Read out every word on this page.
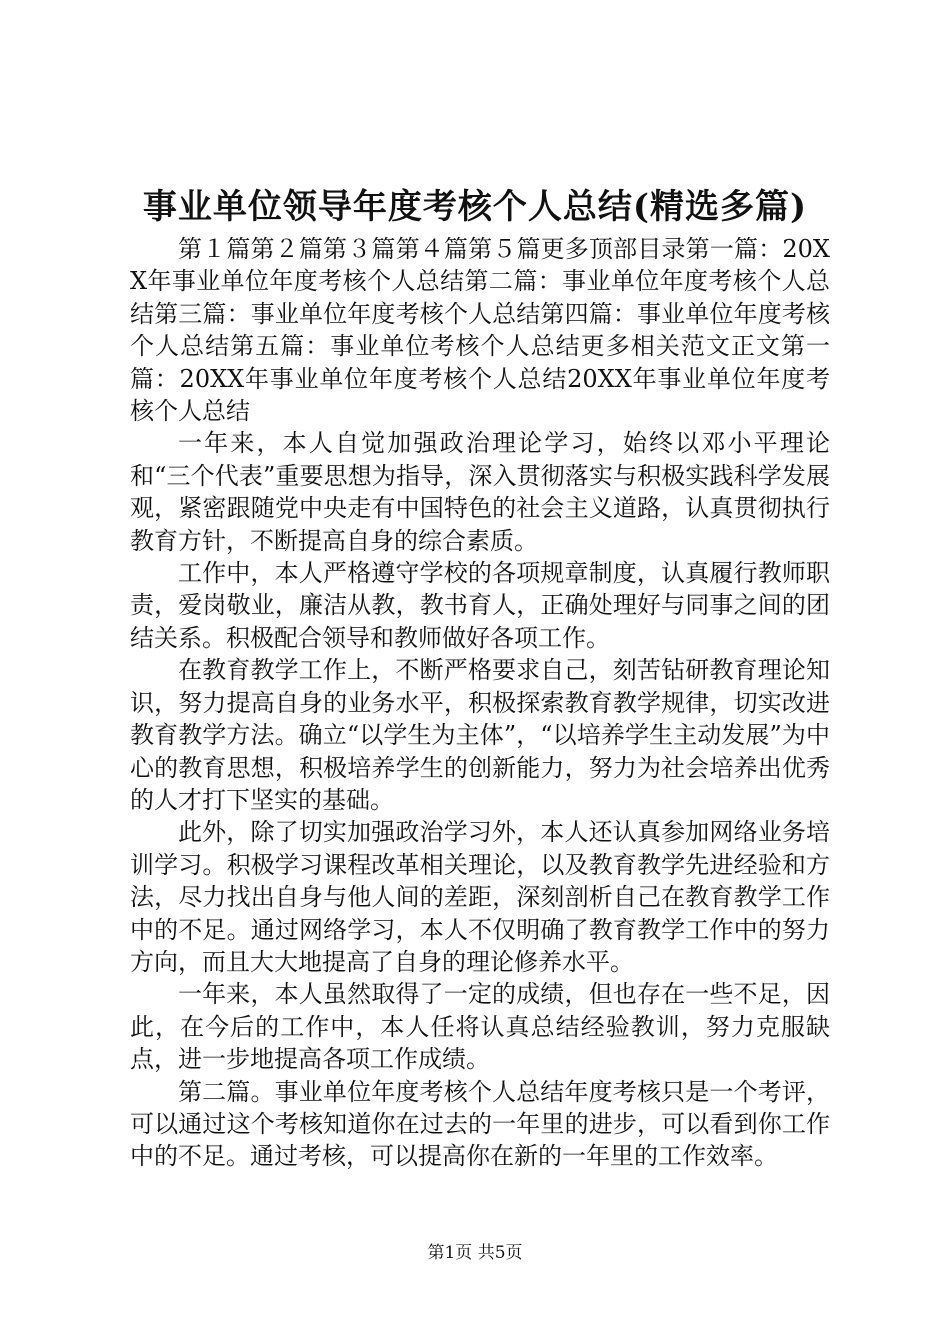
事业单位领导年度考核个人总结(精选多篇)

第１篇第２篇第３篇第４篇第５篇更多顶部目录第一篇：20XX年事业单位年度考核个人总结第二篇：事业单位年度考核个人总结第三篇：事业单位年度考核个人总结第四篇：事业单位年度考核个人总结第五篇：事业单位考核个人总结更多相关范文正文第一篇：20XX年事业单位年度考核个人总结20XX年事业单位年度考核个人总结

一年来，本人自觉加强政治理论学习，始终以邓小平理论和“三个代表”重要思想为指导，深入贯彻落实与积极实践科学发展观，紧密跟随党中央走有中国特色的社会主义道路，认真贯彻执行教育方针，不断提高自身的综合素质。

工作中，本人严格遵守学校的各项规章制度，认真履行教师职责，爱岗敬业，廉洁从教，教书育人，正确处理好与同事之间的团结关系。积极配合领导和教师做好各项工作。

在教育教学工作上，不断严格要求自己，刻苦钻研教育理论知识，努力提高自身的业务水平，积极探索教育教学规律，切实改进教育教学方法。确立“以学生为主体”，“以培养学生主动发展”为中心的教育思想，积极培养学生的创新能力，努力为社会培养出优秀的人才打下坚实的基础。

此外，除了切实加强政治学习外，本人还认真参加网络业务培训学习。积极学习课程改革相关理论，以及教育教学先进经验和方法，尽力找出自身与他人间的差距，深刻剖析自己在教育教学工作中的不足。通过网络学习，本人不仅明确了教育教学工作中的努力方向，而且大大地提高了自身的理论修养水平。

一年来，本人虽然取得了一定的成绩，但也存在一些不足，因此，在今后的工作中，本人任将认真总结经验教训，努力克服缺点，进一步地提高各项工作成绩。

第二篇。事业单位年度考核个人总结年度考核只是一个考评，可以通过这个考核知道你在过去的一年里的进步，可以看到你工作中的不足。通过考核，可以提高你在新的一年里的工作效率。

第1页 共5页
